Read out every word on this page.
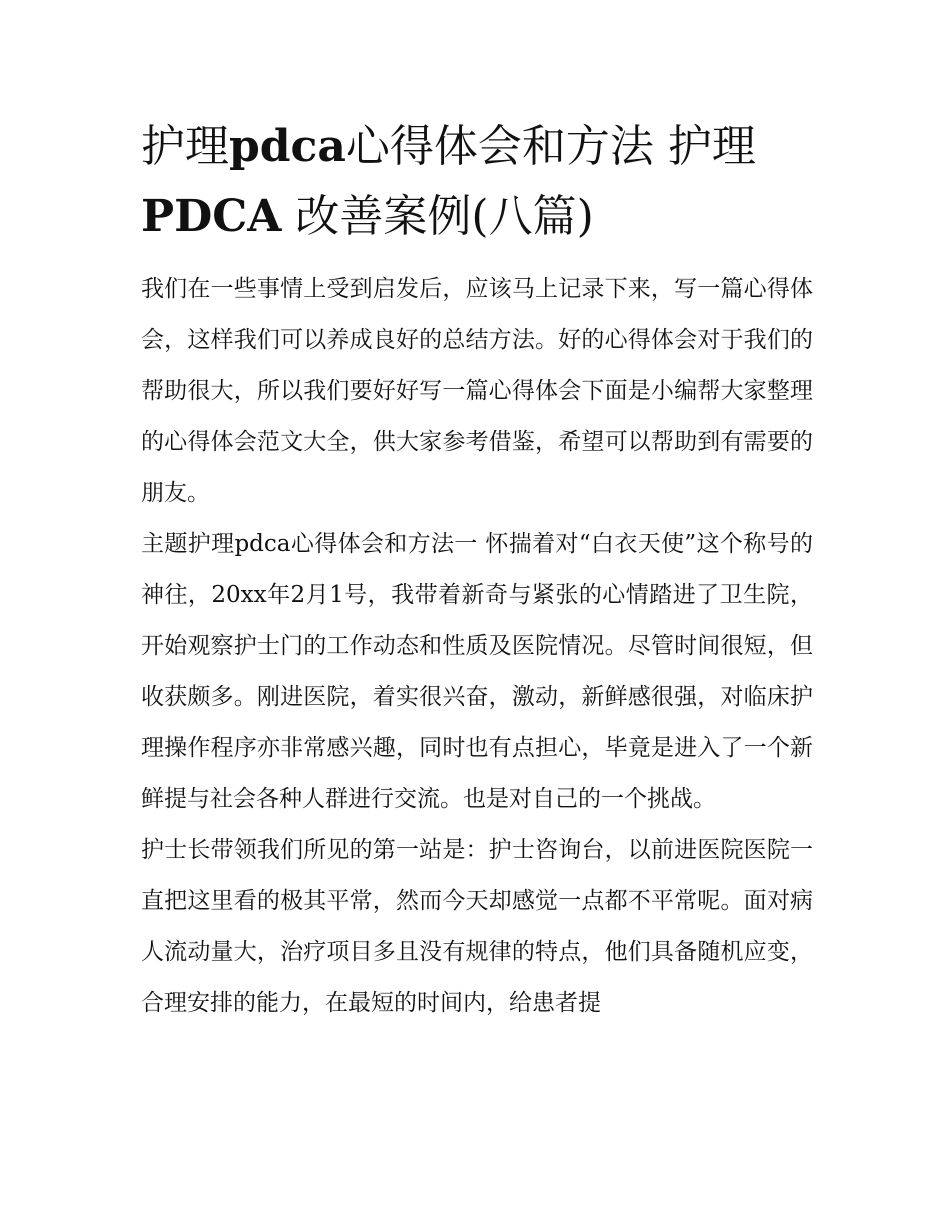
护理pdca心得体会和方法 护理
PDCA 改善案例(八篇)

我们在一些事情上受到启发后，应该马上记录下来，写一篇心得体会，这样我们可以养成良好的总结方法。好的心得体会对于我们的帮助很大，所以我们要好好写一篇心得体会下面是小编帮大家整理的心得体会范文大全，供大家参考借鉴，希望可以帮助到有需要的朋友。

主题护理pdca心得体会和方法一 怀揣着对“白衣天使”这个称号的神往，20xx年2月1号，我带着新奇与紧张的心情踏进了卫生院，开始观察护士门的工作动态和性质及医院情况。尽管时间很短，但收获颇多。刚进医院，着实很兴奋，激动，新鲜感很强，对临床护理操作程序亦非常感兴趣，同时也有点担心，毕竟是进入了一个新鲜提与社会各种人群进行交流。也是对自己的一个挑战。

护士长带领我们所见的第一站是：护士咨询台，以前进医院医院一直把这里看的极其平常，然而今天却感觉一点都不平常呢。面对病人流动量大，治疗项目多且没有规律的特点，他们具备随机应变，合理安排的能力，在最短的时间内，给患者提
